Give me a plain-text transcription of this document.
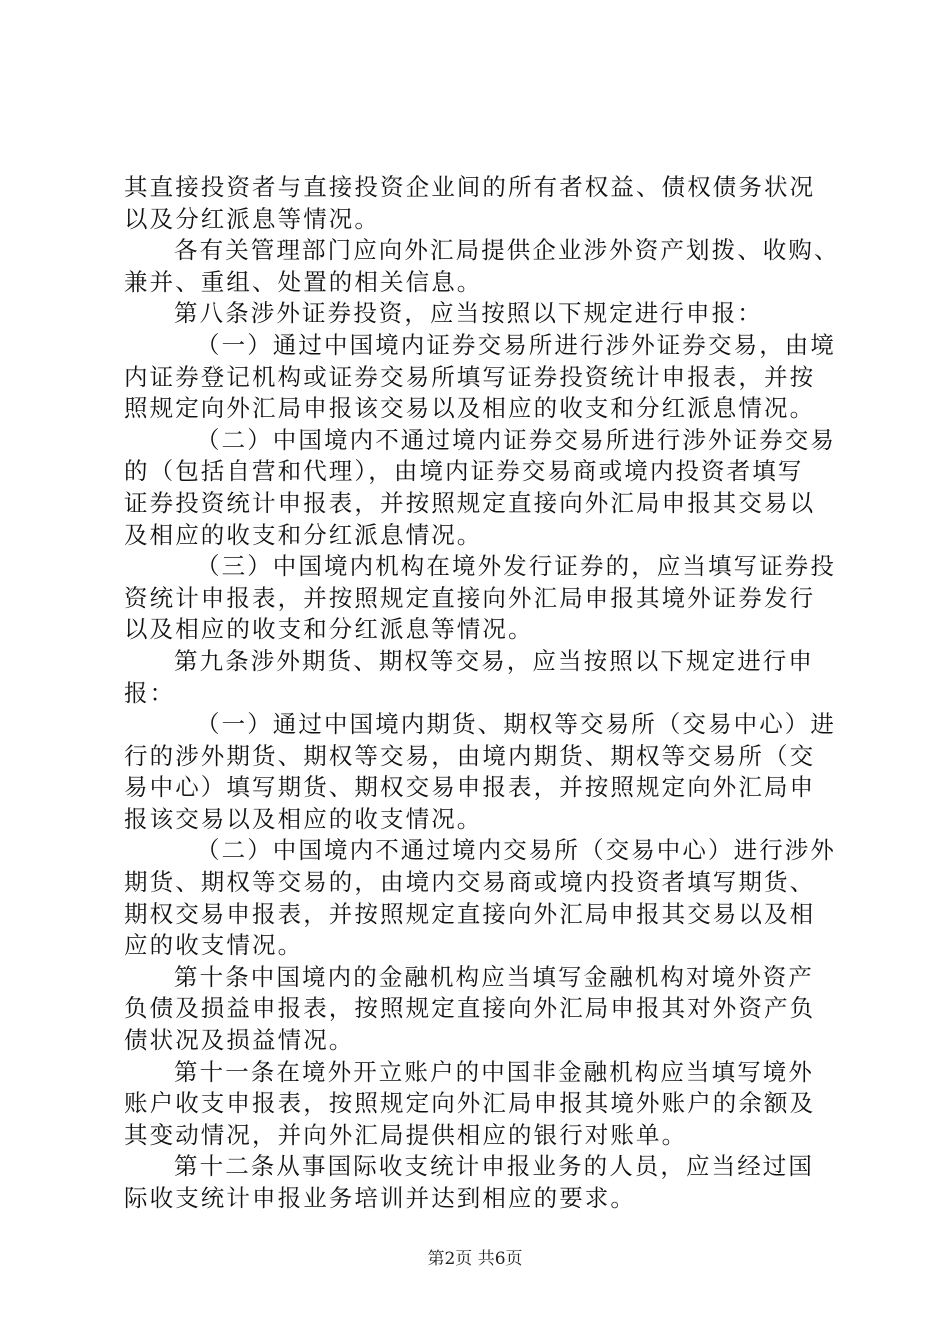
其直接投资者与直接投资企业间的所有者权益、债权债务状况
以及分红派息等情况。
各有关管理部门应向外汇局提供企业涉外资产划拨、收购、
兼并、重组、处置的相关信息。
第八条涉外证券投资，应当按照以下规定进行申报：
（一）通过中国境内证券交易所进行涉外证券交易，由境
内证券登记机构或证券交易所填写证券投资统计申报表，并按
照规定向外汇局申报该交易以及相应的收支和分红派息情况。
（二）中国境内不通过境内证券交易所进行涉外证券交易
的（包括自营和代理），由境内证券交易商或境内投资者填写
证券投资统计申报表，并按照规定直接向外汇局申报其交易以
及相应的收支和分红派息情况。
（三）中国境内机构在境外发行证券的，应当填写证券投
资统计申报表，并按照规定直接向外汇局申报其境外证券发行
以及相应的收支和分红派息等情况。
第九条涉外期货、期权等交易，应当按照以下规定进行申
报：
（一）通过中国境内期货、期权等交易所（交易中心）进
行的涉外期货、期权等交易，由境内期货、期权等交易所（交
易中心）填写期货、期权交易申报表，并按照规定向外汇局申
报该交易以及相应的收支情况。
（二）中国境内不通过境内交易所（交易中心）进行涉外
期货、期权等交易的，由境内交易商或境内投资者填写期货、
期权交易申报表，并按照规定直接向外汇局申报其交易以及相
应的收支情况。
第十条中国境内的金融机构应当填写金融机构对境外资产
负债及损益申报表，按照规定直接向外汇局申报其对外资产负
债状况及损益情况。
第十一条在境外开立账户的中国非金融机构应当填写境外
账户收支申报表，按照规定向外汇局申报其境外账户的余额及
其变动情况，并向外汇局提供相应的银行对账单。
第十二条从事国际收支统计申报业务的人员，应当经过国
际收支统计申报业务培训并达到相应的要求。
第2页 共6页
